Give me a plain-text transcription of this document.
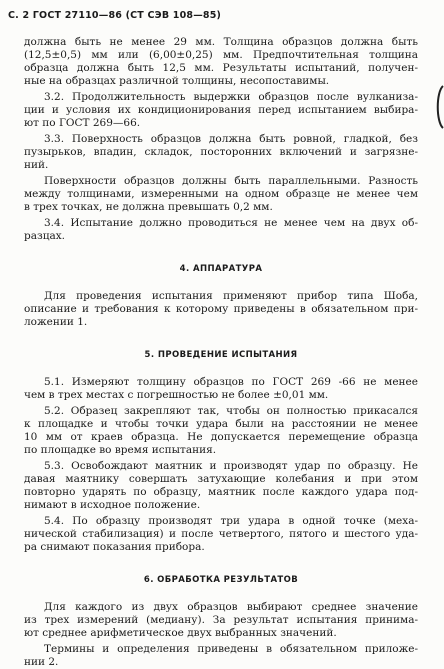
С. 2 ГОСТ 27110—86 (СТ СЭВ 108—85)
должна быть не менее 29 мм. Толщина образцов должна быть
(12,5±0,5) мм или (6,00±0,25) мм. Предпочтительная толщина
образца должна быть 12,5 мм. Результаты испытаний, получен-
ные на образцах различной толщины, несопоставимы.
3.2. Продолжительность выдержки образцов после вулканиза-
ции и условия их кондиционирования перед испытанием выбира-
ют по ГОСТ 269—66.
3.3. Поверхность образцов должна быть ровной, гладкой, без
пузырьков, впадин, складок, посторонних включений и загрязне-
ний.
Поверхности образцов должны быть параллельными. Разность
между толщинами, измеренными на одном образце не менее чем
в трех точках, не должна превышать 0,2 мм.
3.4. Испытание должно проводиться не менее чем на двух об-
разцах.
4. АППАРАТУРА
Для проведения испытания применяют прибор типа Шоба,
описание и требования к которому приведены в обязательном при-
ложении 1.
5. ПРОВЕДЕНИЕ ИСПЫТАНИЯ
5.1. Измеряют толщину образцов по ГОСТ 269 -66 не менее
чем в трех местах с погрешностью не более ±0,01 мм.
5.2. Образец закрепляют так, чтобы он полностью прикасался
к площадке и чтобы точки удара были на расстоянии не менее
10 мм от краев образца. Не допускается перемещение образца
по площадке во время испытания.
5.3. Освобождают маятник и производят удар по образцу. Не
давая маятнику совершать затухающие колебания и при этом
повторно ударять по образцу, маятник после каждого удара под-
нимают в исходное положение.
5.4. По образцу производят три удара в одной точке (меха-
нической стабилизация) и после четвертого, пятого и шестого уда-
ра снимают показания прибора.
6. ОБРАБОТКА РЕЗУЛЬТАТОВ
Для каждого из двух образцов выбирают среднее значение
из трех измерений (медиану). За результат испытания принима-
ют среднее арифметическое двух выбранных значений.
Термины и определения приведены в обязательном приложе-
нии 2.
